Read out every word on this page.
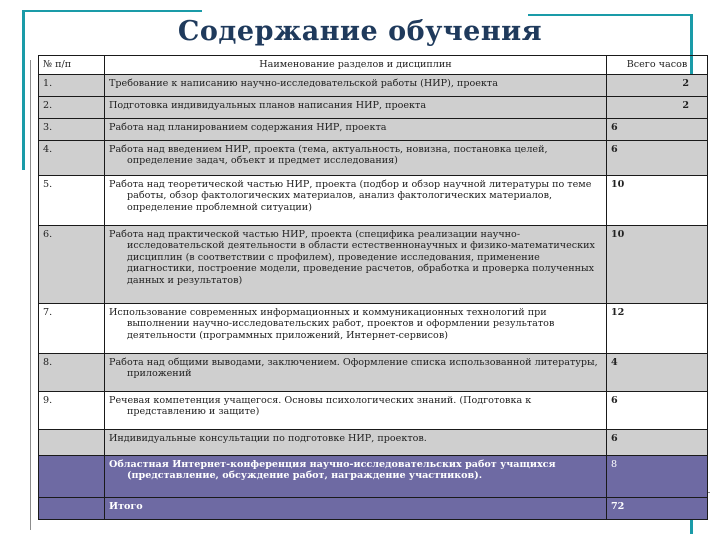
Содержание обучения
№ п/п	Наименование разделов и дисциплин	Всего часов
1.	Требование к написанию научно-исследовательской работы (НИР), проекта	2
2.	Подготовка индивидуальных планов написания НИР, проекта	2
3.	Работа над планированием содержания НИР, проекта	6
4.	Работа над введением НИР, проекта (тема, актуальность, новизна, постановка целей, определение задач, объект и предмет исследования)	6
5.	Работа над теоретической частью НИР, проекта (подбор и обзор научной литературы по теме работы, обзор фактологических материалов, анализ фактологических материалов, определение проблемной ситуации)	10
6.	Работа над практической частью НИР, проекта (специфика реализации научно-исследовательской деятельности в области естественнонаучных и физико-математических дисциплин (в соответствии с профилем), проведение исследования, применение диагностики, построение модели, проведение расчетов, обработка и проверка полученных данных и результатов)	10
7.	Использование современных информационных и коммуникационных технологий при выполнении научно-исследовательских работ, проектов и оформлении результатов деятельности (программных приложений, Интернет-сервисов)	12
8.	Работа над общими выводами, заключением. Оформление списка использованной литературы, приложений	4
9.	Речевая компетенция учащегося. Основы психологических знаний. (Подготовка к представлению и защите)	6

	Индивидуальные консультации по подготовке НИР, проектов.	6

	Областная Интернет-конференция научно-исследовательских работ учащихся (представление, обсуждение работ, награждение участников).	8
	Итого	72
